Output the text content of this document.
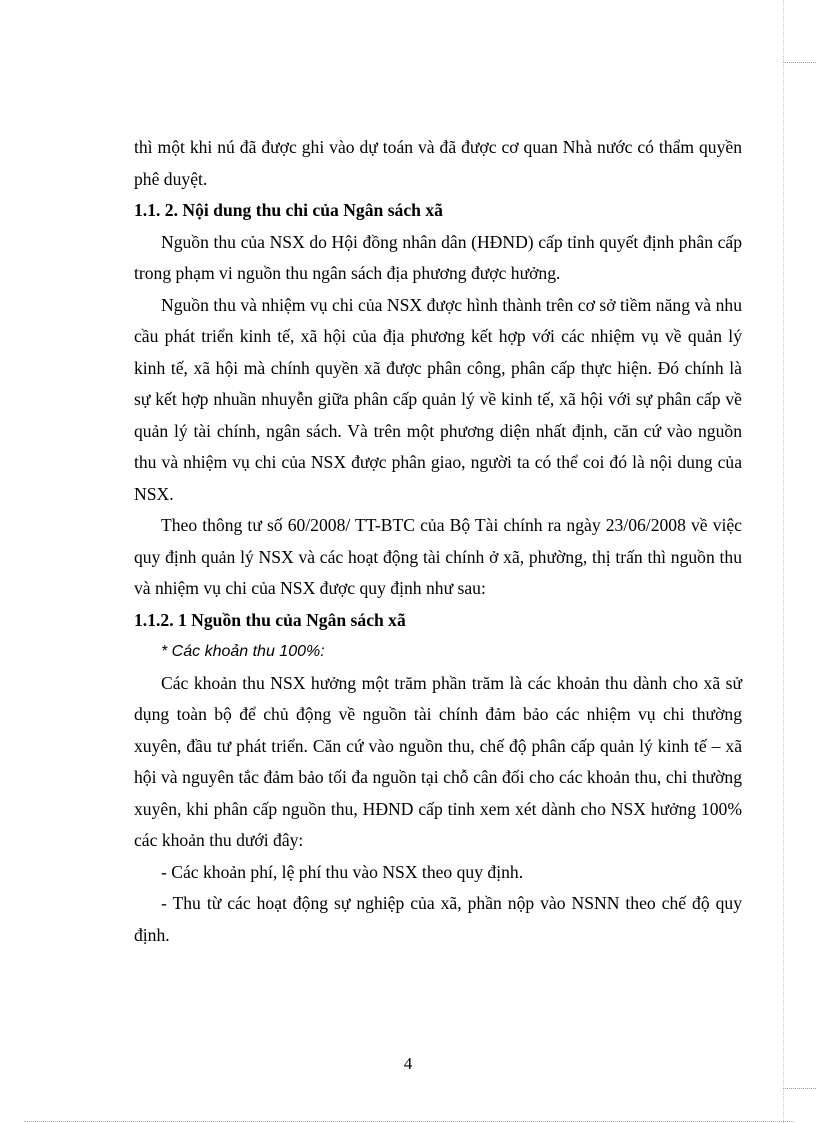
thì một khi nú đã được ghi vào dự toán và đã được cơ quan Nhà nước có thẩm quyền phê duyệt.

1.1. 2. Nội dung thu chi của Ngân sách xã

Nguồn thu của NSX do Hội đồng nhân dân (HĐND) cấp tỉnh quyết định phân cấp trong phạm vi nguồn thu ngân sách địa phương được hưởng.

Nguồn thu và nhiệm vụ chi của NSX được hình thành trên cơ sở tiềm năng và nhu cầu phát triển kinh tế, xã hội của địa phương kết hợp với các nhiệm vụ về quản lý kinh tế, xã hội mà chính quyền xã được phân công, phân cấp thực hiện. Đó chính là sự kết hợp nhuần nhuyễn giữa phân cấp quản lý về kinh tế, xã hội với sự phân cấp về quản lý tài chính, ngân sách. Và trên một phương diện nhất định, căn cứ vào nguồn thu và nhiệm vụ chi của NSX được phân giao, người ta có thể coi đó là nội dung của NSX.

Theo thông tư số 60/2008/ TT-BTC của Bộ Tài chính ra ngày 23/06/2008 về việc quy định quản lý NSX và các hoạt động tài chính ở xã, phường, thị trấn thì nguồn thu và nhiệm vụ chi của NSX được quy định như sau:

1.1.2. 1 Nguồn thu của Ngân sách xã

* Các khoản thu 100%:

Các khoản thu NSX hưởng một trăm phần trăm là các khoản thu dành cho xã sử dụng toàn bộ để chủ động về nguồn tài chính đảm bảo các nhiệm vụ chi thường xuyên, đầu tư phát triển. Căn cứ vào nguồn thu, chế độ phân cấp quản lý kinh tế – xã hội và nguyên tắc đảm bảo tối đa nguồn tại chỗ cân đối cho các khoản thu, chi thường xuyên, khi phân cấp nguồn thu, HĐND cấp tỉnh xem xét dành cho NSX hưởng 100% các khoản thu dưới đây:

- Các khoản phí, lệ phí thu vào NSX theo quy định.

- Thu từ các hoạt động sự nghiệp của xã, phần nộp vào NSNN theo chế độ quy định.

4
